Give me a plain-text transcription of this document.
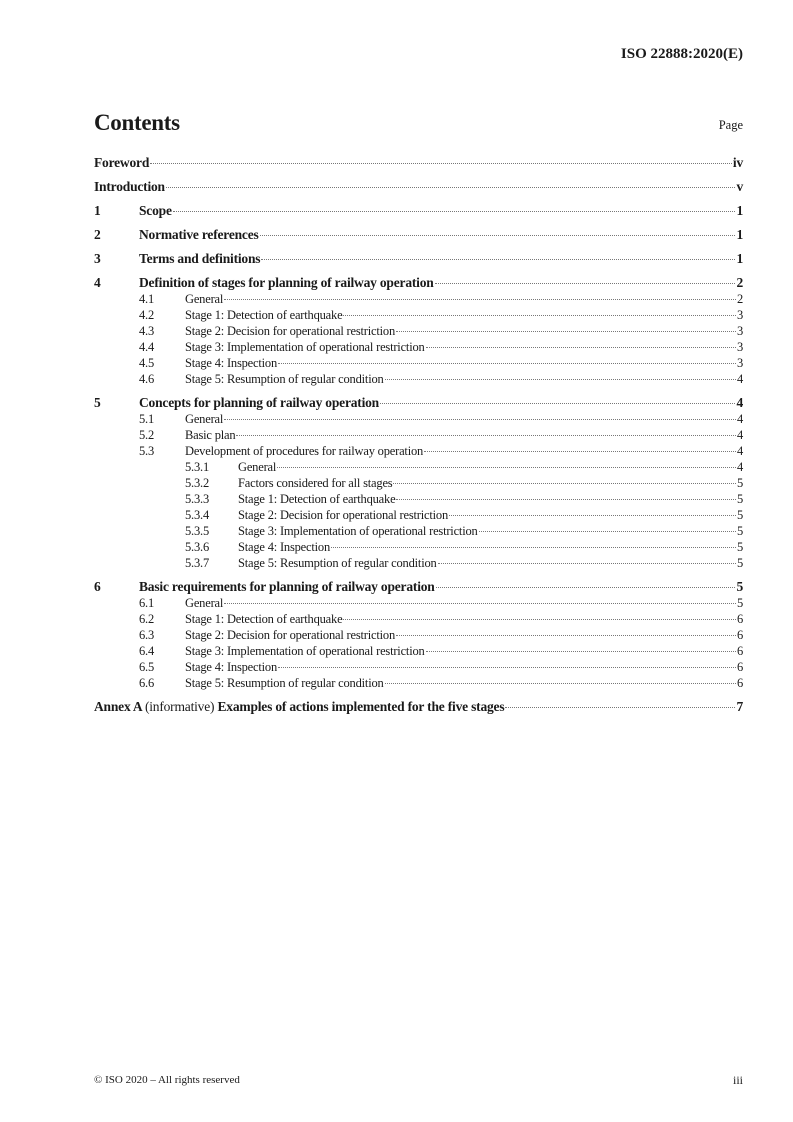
ISO 22888:2020(E)
Contents	Page
Foreword	iv
Introduction	v
1	Scope	1
2	Normative references	1
3	Terms and definitions	1
4	Definition of stages for planning of railway operation	2
4.1	General	2
4.2	Stage 1: Detection of earthquake	3
4.3	Stage 2: Decision for operational restriction	3
4.4	Stage 3: Implementation of operational restriction	3
4.5	Stage 4: Inspection	3
4.6	Stage 5: Resumption of regular condition	4
5	Concepts for planning of railway operation	4
5.1	General	4
5.2	Basic plan	4
5.3	Development of procedures for railway operation	4
5.3.1	General	4
5.3.2	Factors considered for all stages	5
5.3.3	Stage 1: Detection of earthquake	5
5.3.4	Stage 2: Decision for operational restriction	5
5.3.5	Stage 3: Implementation of operational restriction	5
5.3.6	Stage 4: Inspection	5
5.3.7	Stage 5: Resumption of regular condition	5
6	Basic requirements for planning of railway operation	5
6.1	General	5
6.2	Stage 1: Detection of earthquake	6
6.3	Stage 2: Decision for operational restriction	6
6.4	Stage 3: Implementation of operational restriction	6
6.5	Stage 4: Inspection	6
6.6	Stage 5: Resumption of regular condition	6
Annex A (informative) Examples of actions implemented for the five stages	7
© ISO 2020 – All rights reserved	iii
